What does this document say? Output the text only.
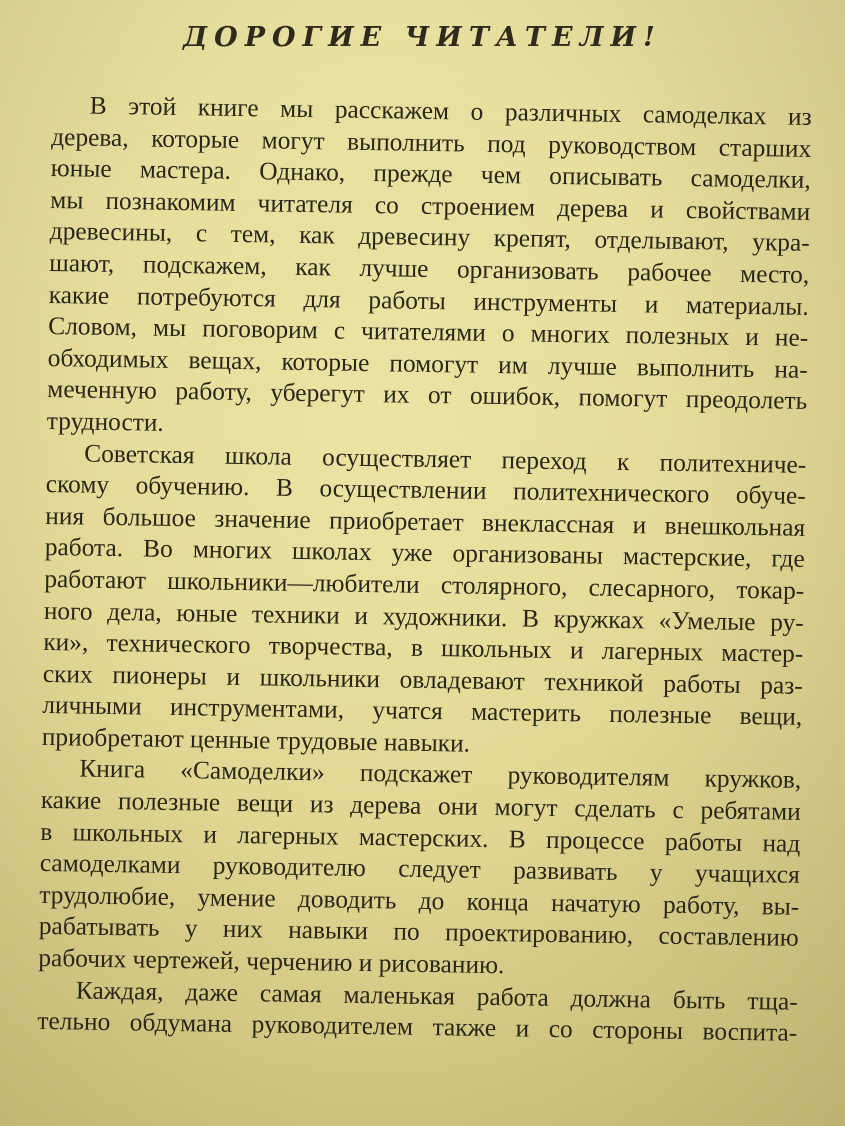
ДОРОГИЕ ЧИТАТЕЛИ!
В этой книге мы расскажем о различных самоделках из
дерева, которые могут выполнить под руководством старших
юные мастера. Однако, прежде чем описывать самоделки,
мы познакомим читателя со строением дерева и свойствами
древесины, с тем, как древесину крепят, отделывают, укра-
шают, подскажем, как лучше организовать рабочее место,
какие потребуются для работы инструменты и материалы.
Словом, мы поговорим с читателями о многих полезных и не-
обходимых вещах, которые помогут им лучше выполнить на-
меченную работу, уберегут их от ошибок, помогут преодолеть
трудности.
Советская школа осуществляет переход к политехниче-
скому обучению. В осуществлении политехнического обуче-
ния большое значение приобретает внеклассная и внешкольная
работа. Во многих школах уже организованы мастерские, где
работают школьники—любители столярного, слесарного, токар-
ного дела, юные техники и художники. В кружках «Умелые ру-
ки», технического творчества, в школьных и лагерных мастер-
ских пионеры и школьники овладевают техникой работы раз-
личными инструментами, учатся мастерить полезные вещи,
приобретают ценные трудовые навыки.
Книга «Самоделки» подскажет руководителям кружков,
какие полезные вещи из дерева они могут сделать с ребятами
в школьных и лагерных мастерских. В процессе работы над
самоделками руководителю следует развивать у учащихся
трудолюбие, умение доводить до конца начатую работу, вы-
рабатывать у них навыки по проектированию, составлению
рабочих чертежей, черчению и рисованию.
Каждая, даже самая маленькая работа должна быть тща-
тельно обдумана руководителем также и со стороны воспита-
